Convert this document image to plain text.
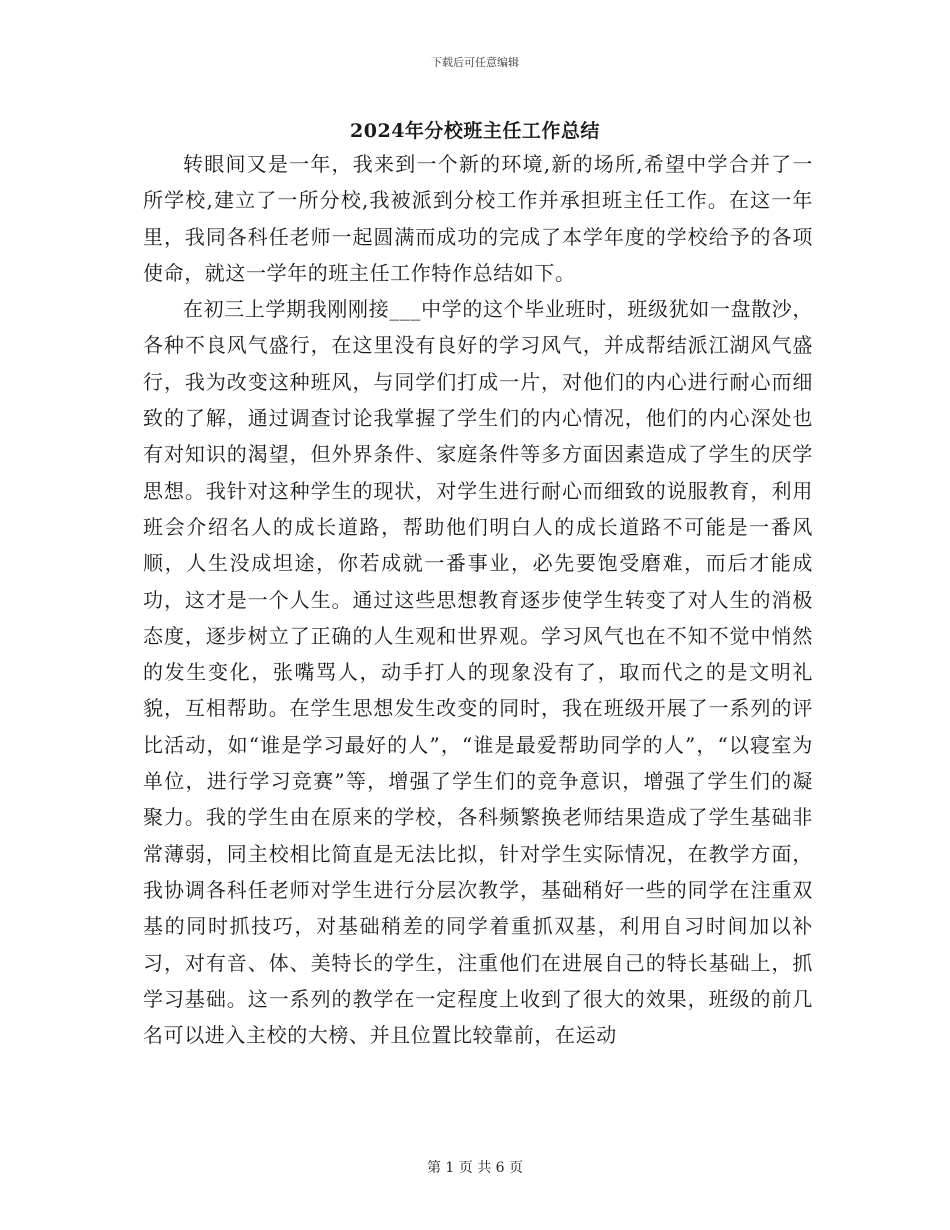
下载后可任意编辑
2024年分校班主任工作总结

转眼间又是一年，我来到一个新的环境,新的场所,希望中学合并了一所学校,建立了一所分校,我被派到分校工作并承担班主任工作。在这一年里，我同各科任老师一起圆满而成功的完成了本学年度的学校给予的各项使命，就这一学年的班主任工作特作总结如下。

在初三上学期我刚刚接___中学的这个毕业班时，班级犹如一盘散沙，各种不良风气盛行，在这里没有良好的学习风气，并成帮结派江湖风气盛行，我为改变这种班风，与同学们打成一片，对他们的内心进行耐心而细致的了解，通过调查讨论我掌握了学生们的内心情况，他们的内心深处也有对知识的渴望，但外界条件、家庭条件等多方面因素造成了学生的厌学思想。我针对这种学生的现状，对学生进行耐心而细致的说服教育，利用班会介绍名人的成长道路，帮助他们明白人的成长道路不可能是一番风顺，人生没成坦途，你若成就一番事业，必先要饱受磨难，而后才能成功，这才是一个人生。通过这些思想教育逐步使学生转变了对人生的消极态度，逐步树立了正确的人生观和世界观。学习风气也在不知不觉中悄然的发生变化，张嘴骂人，动手打人的现象没有了，取而代之的是文明礼貌，互相帮助。在学生思想发生改变的同时，我在班级开展了一系列的评比活动，如“谁是学习最好的人”，“谁是最爱帮助同学的人”，“以寝室为单位，进行学习竞赛”等，增强了学生们的竞争意识，增强了学生们的凝聚力。我的学生由在原来的学校，各科频繁换老师结果造成了学生基础非常薄弱，同主校相比简直是无法比拟，针对学生实际情况，在教学方面，我协调各科任老师对学生进行分层次教学，基础稍好一些的同学在注重双基的同时抓技巧，对基础稍差的同学着重抓双基，利用自习时间加以补习，对有音、体、美特长的学生，注重他们在进展自己的特长基础上，抓学习基础。这一系列的教学在一定程度上收到了很大的效果，班级的前几名可以进入主校的大榜、并且位置比较靠前，在运动

第 1 页 共 6 页
